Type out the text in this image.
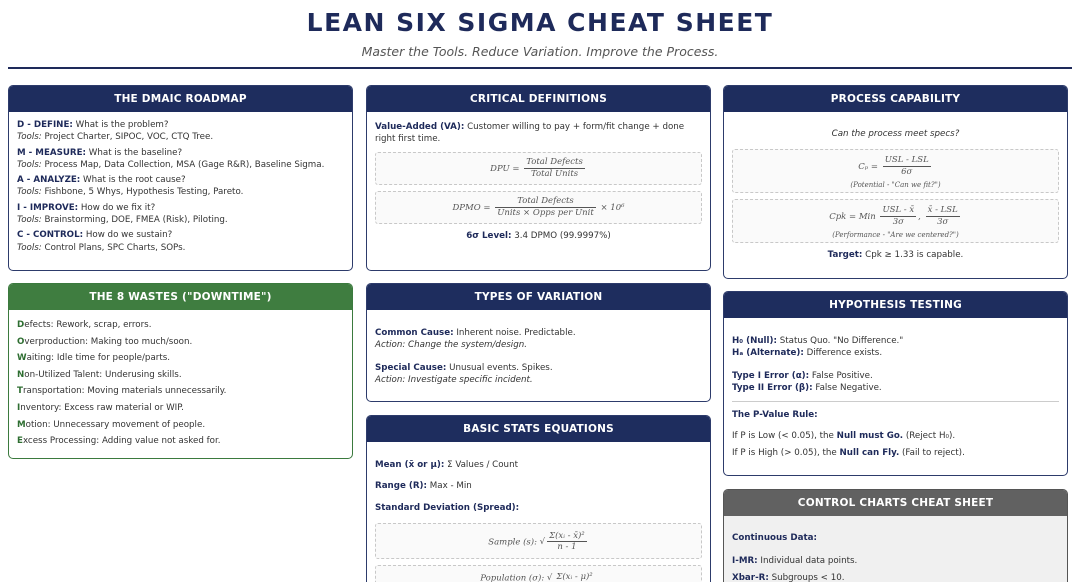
LEAN SIX SIGMA CHEAT SHEET
Master the Tools. Reduce Variation. Improve the Process.
THE DMAIC ROADMAP
D - DEFINE: What is the problem?
Tools: Project Charter, SIPOC, VOC, CTQ Tree.
M - MEASURE: What is the baseline?
Tools: Process Map, Data Collection, MSA (Gage R&R), Baseline Sigma.
A - ANALYZE: What is the root cause?
Tools: Fishbone, 5 Whys, Hypothesis Testing, Pareto.
I - IMPROVE: How do we fix it?
Tools: Brainstorming, DOE, FMEA (Risk), Piloting.
C - CONTROL: How do we sustain?
Tools: Control Plans, SPC Charts, SOPs.
THE 8 WASTES ("DOWNTIME")
Defects: Rework, scrap, errors.
Overproduction: Making too much/soon.
Waiting: Idle time for people/parts.
Non-Utilized Talent: Underusing skills.
Transportation: Moving materials unnecessarily.
Inventory: Excess raw material or WIP.
Motion: Unnecessary movement of people.
Excess Processing: Adding value not asked for.
CRITICAL DEFINITIONS
Value-Added (VA): Customer willing to pay + form/fit change + done right first time.
DPU = $\frac{\text{Total Defects}}{\text{Total Units}}$
DPMO = $\frac{\text{Total Defects}}{\text{Units × Opps per Unit}} \times 10^6$
6σ Level: 3.4 DPMO (99.9997%)
TYPES OF VARIATION
Common Cause: Inherent noise. Predictable.
Action: Change the system/design.
Special Cause: Unusual events. Spikes.
Action: Investigate specific incident.
BASIC STATS EQUATIONS
Mean (x̄ or μ): Σ Values / Count
Range (R): Max - Min
Standard Deviation (Spread):
Sample (s): √ $\frac{\text{Σ(xᵢ - x̄)²}}{n - 1}$
Population (σ): √ Σ(xᵢ - μ)²
PROCESS CAPABILITY
Can the process meet specs?
$C_p = \frac{\text{USL - LSL}}{6\sigma}$
(Potential - "Can we fit?")
Cpk = Min $\frac{\text{USL - x̄}}{3\sigma}$ , $\frac{\text{x̄ - LSL}}{3\sigma}$
(Performance - "Are we centered?")
Target: Cpk ≥ 1.33 is capable.
HYPOTHESIS TESTING
H₀ (Null): Status Quo. "No Difference."
Hₐ (Alternate): Difference exists.
Type I Error (α): False Positive.
Type II Error (β): False Negative.
The P-Value Rule:
If P is Low (< 0.05), the Null must Go. (Reject H₀).
If P is High (> 0.05), the Null can Fly. (Fail to reject).
CONTROL CHARTS CHEAT SHEET
Continuous Data:
I-MR: Individual data points.
Xbar-R: Subgroups < 10.
